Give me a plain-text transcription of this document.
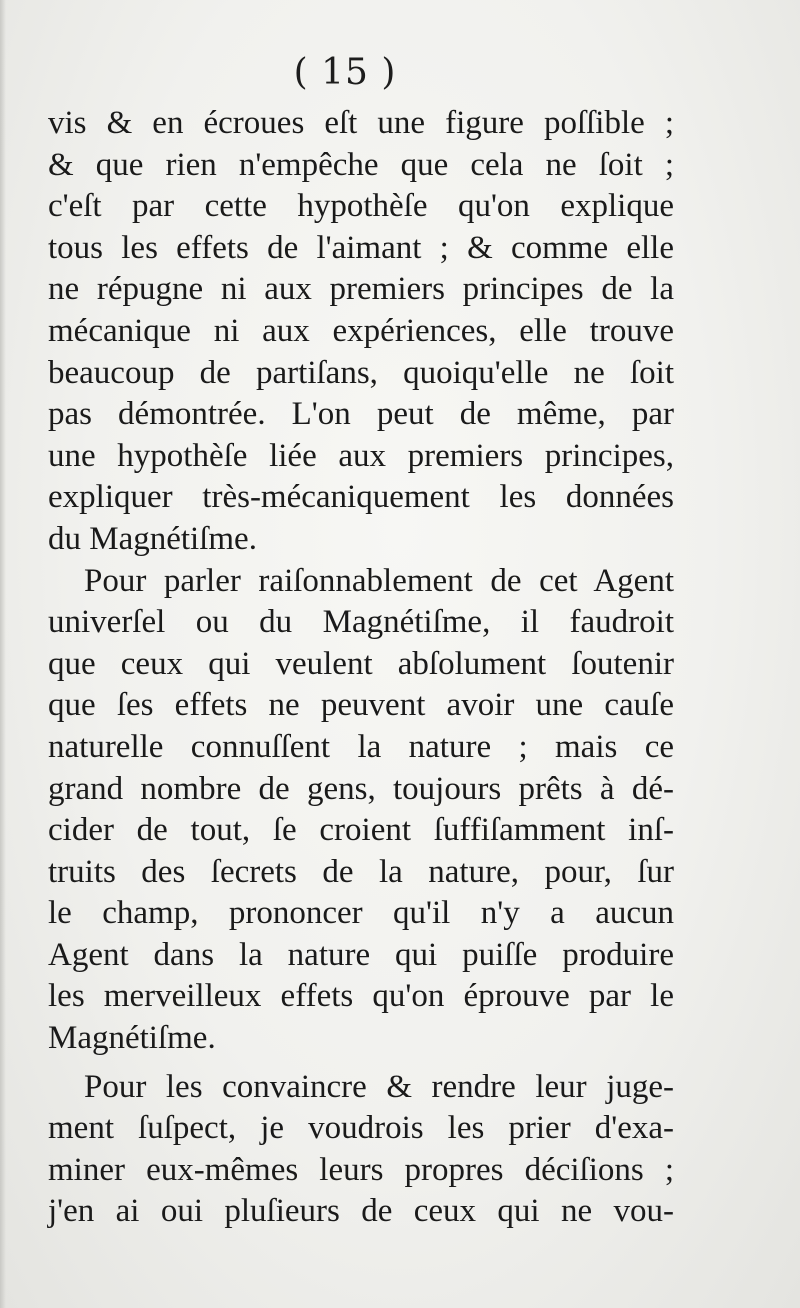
( 15 )
vis & en écroues eſt une figure poſſible ;
& que rien n'empêche que cela ne ſoit ;
c'eſt par cette hypothèſe qu'on explique
tous les effets de l'aimant ; & comme elle
ne répugne ni aux premiers principes de la
mécanique ni aux expériences, elle trouve
beaucoup de partiſans, quoiqu'elle ne ſoit
pas démontrée. L'on peut de même, par
une hypothèſe liée aux premiers principes,
expliquer très-mécaniquement les données
du Magnétiſme.
Pour parler raiſonnablement de cet Agent
univerſel ou du Magnétiſme, il faudroit
que ceux qui veulent abſolument ſoutenir
que ſes effets ne peuvent avoir une cauſe
naturelle connuſſent la nature ; mais ce
grand nombre de gens, toujours prêts à dé-
cider de tout, ſe croient ſuffiſamment inſ-
truits des ſecrets de la nature, pour, ſur
le champ, prononcer qu'il n'y a aucun
Agent dans la nature qui puiſſe produire
les merveilleux effets qu'on éprouve par le
Magnétiſme.
Pour les convaincre & rendre leur juge-
ment ſuſpect, je voudrois les prier d'exa-
miner eux-mêmes leurs propres déciſions ;
j'en ai oui pluſieurs de ceux qui ne vou-
